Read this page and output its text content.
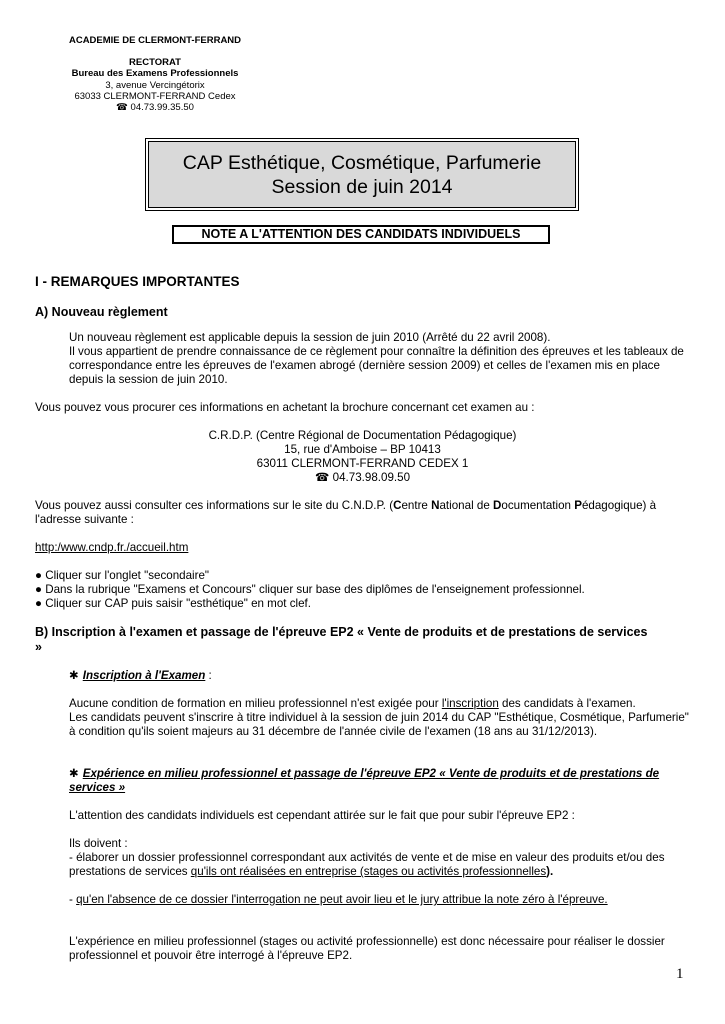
ACADEMIE DE CLERMONT-FERRAND
RECTORAT
Bureau des Examens Professionnels
3, avenue Vercingétorix
63033 CLERMONT-FERRAND Cedex
☎ 04.73.99.35.50
CAP Esthétique, Cosmétique, Parfumerie
Session de juin 2014
NOTE A L'ATTENTION DES CANDIDATS INDIVIDUELS
I - REMARQUES IMPORTANTES
A) Nouveau règlement
Un nouveau règlement est applicable depuis la session de juin 2010 (Arrêté du 22 avril 2008).
Il vous appartient de prendre connaissance de ce règlement pour connaître la définition des épreuves et les tableaux de correspondance entre les épreuves de l'examen abrogé (dernière session 2009) et celles de l'examen mis en place depuis la session de juin 2010.
Vous pouvez vous procurer ces informations en achetant la brochure concernant cet examen au :
C.R.D.P. (Centre Régional de Documentation Pédagogique)
15, rue d'Amboise – BP 10413
63011 CLERMONT-FERRAND CEDEX 1
☎ 04.73.98.09.50
Vous pouvez aussi consulter ces informations sur le site du C.N.D.P. (Centre National de Documentation Pédagogique) à l'adresse suivante :
http:/www.cndp.fr./accueil.htm
● Cliquer sur l'onglet "secondaire"
● Dans la rubrique "Examens et Concours" cliquer sur base des diplômes de l'enseignement professionnel.
● Cliquer sur CAP puis saisir "esthétique" en mot clef.
B) Inscription à l'examen et passage de l'épreuve EP2 « Vente de produits et de prestations de services »
✱ Inscription à l'Examen :
Aucune condition de formation en milieu professionnel n'est exigée pour l'inscription des candidats à l'examen.
Les candidats peuvent s'inscrire à titre individuel à la session de juin 2014 du CAP "Esthétique, Cosmétique, Parfumerie" à condition qu'ils soient majeurs au 31 décembre de l'année civile de l'examen (18 ans au 31/12/2013).
✱ Expérience en milieu professionnel et passage de l'épreuve EP2 « Vente de produits et de prestations de services »
L'attention des candidats individuels est cependant attirée sur le fait que pour subir l'épreuve EP2 :
Ils doivent :
- élaborer un dossier professionnel correspondant aux activités de vente et de mise en valeur des produits et/ou des prestations de services qu'ils ont réalisées en entreprise (stages ou activités professionnelles).
- qu'en l'absence de ce dossier l'interrogation ne peut avoir lieu et le jury attribue la note zéro à l'épreuve.
L'expérience en milieu professionnel (stages ou activité professionnelle) est donc nécessaire pour réaliser le dossier professionnel et pouvoir être interrogé à l'épreuve EP2.
1
